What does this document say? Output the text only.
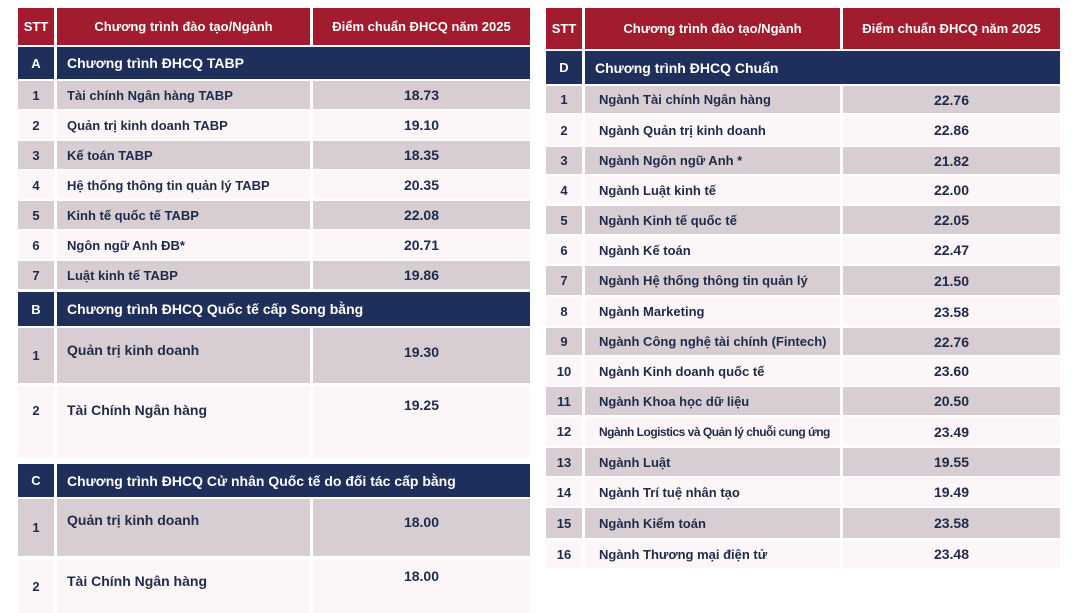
STT	Chương trình đào tạo/Ngành	Điểm chuẩn ĐHCQ năm 2025
A	Chương trình ĐHCQ TABP
1	Tài chính Ngân hàng TABP	18.73
2	Quản trị kinh doanh TABP	19.10
3	Kế toán TABP	18.35
4	Hệ thống thông tin quản lý TABP	20.35
5	Kinh tế quốc tế TABP	22.08
6	Ngôn ngữ Anh ĐB*	20.71
7	Luật kinh tế TABP	19.86
B	Chương trình ĐHCQ Quốc tế cấp Song bằng
1	Quản trị kinh doanh	19.30
2	Tài Chính Ngân hàng	19.25
C	Chương trình ĐHCQ Cử nhân Quốc tế do đối tác cấp bằng
1	Quản trị kinh doanh	18.00
2	Tài Chính Ngân hàng	18.00
STT	Chương trình đào tạo/Ngành	Điểm chuẩn ĐHCQ năm 2025
D	Chương trình ĐHCQ Chuẩn
1	Ngành Tài chính Ngân hàng	22.76
2	Ngành Quản trị kinh doanh	22.86
3	Ngành Ngôn ngữ Anh *	21.82
4	Ngành Luật kinh tế	22.00
5	Ngành Kinh tế quốc tế	22.05
6	Ngành Kế toán	22.47
7	Ngành Hệ thống thông tin quản lý	21.50
8	Ngành Marketing	23.58
9	Ngành Công nghệ tài chính (Fintech)	22.76
10	Ngành Kinh doanh quốc tế	23.60
11	Ngành Khoa học dữ liệu	20.50
12	Ngành Logistics và Quản lý chuỗi cung ứng	23.49
13	Ngành Luật	19.55
14	Ngành Trí tuệ nhân tạo	19.49
15	Ngành Kiểm toán	23.58
16	Ngành Thương mại điện tử	23.48
